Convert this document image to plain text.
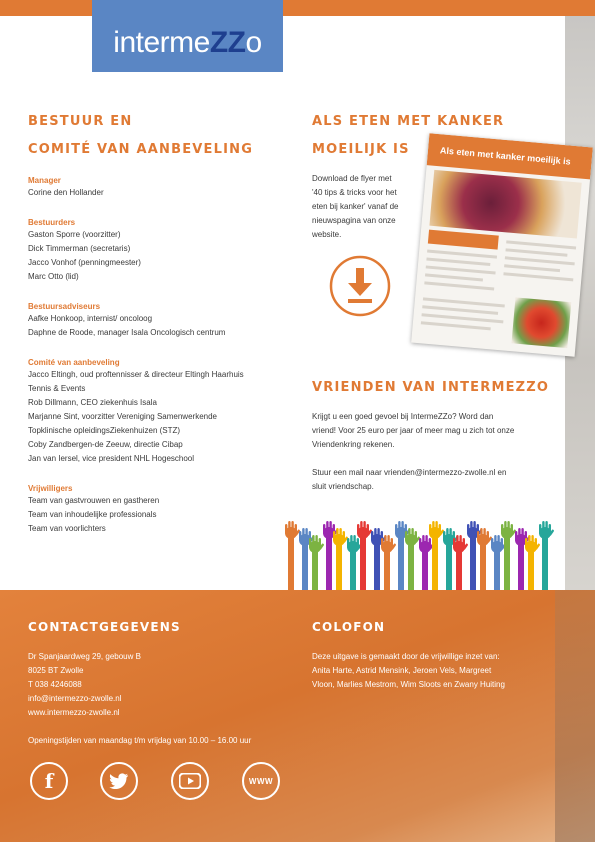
intermeZZo
BESTUUR EN
COMITÉ VAN AANBEVELING
Manager
Corine den Hollander
Bestuurders
Gaston Sporre (voorzitter)
Dick Timmerman (secretaris)
Jacco Vonhof (penningmeester)
Marc Otto (lid)
Bestuursadviseurs
Aafke Honkoop, internist/ oncoloog
Daphne de Roode, manager Isala Oncologisch centrum
Comité van aanbeveling
Jacco Eltingh, oud proftennisser & directeur Eltingh Haarhuis
Tennis & Events
Rob Dillmann, CEO ziekenhuis Isala
Marjanne Sint, voorzitter Vereniging Samenwerkende
Topklinische opleidingsZiekenhuizen (STZ)
Coby Zandbergen-de Zeeuw, directie Cibap
Jan van Iersel, vice president NHL Hogeschool
Vrijwilligers
Team van gastvrouwen en gastheren
Team van inhoudelijke professionals
Team van voorlichters
ALS ETEN MET KANKER
MOEILIJK IS
Download de flyer met
'40 tips & tricks voor het
eten bij kanker' vanaf de
nieuwspagina van onze
website.
Als eten met kanker moeilijk is
VRIENDEN VAN INTERMEZZO
Krijgt u een goed gevoel bij IntermeZZo? Word dan
vriend! Voor 25 euro per jaar of meer mag u zich tot onze
Vriendenkring rekenen.
Stuur een mail naar vrienden@intermezzo-zwolle.nl en
sluit vriendschap.
CONTACTGEGEVENS
Dr Spanjaardweg 29, gebouw B
8025 BT Zwolle
T 038 4246088
info@intermezzo-zwolle.nl
www.intermezzo-zwolle.nl
Openingstijden van maandag t/m vrijdag van 10.00 – 16.00 uur
COLOFON
Deze uitgave is gemaakt door de vrijwillige inzet van:
Anita Harte, Astrid Mensink, Jeroen Vels, Margreet
Vloon, Marlies Mestrom, Wim Sloots en Zwany Huiting
f	WWW
